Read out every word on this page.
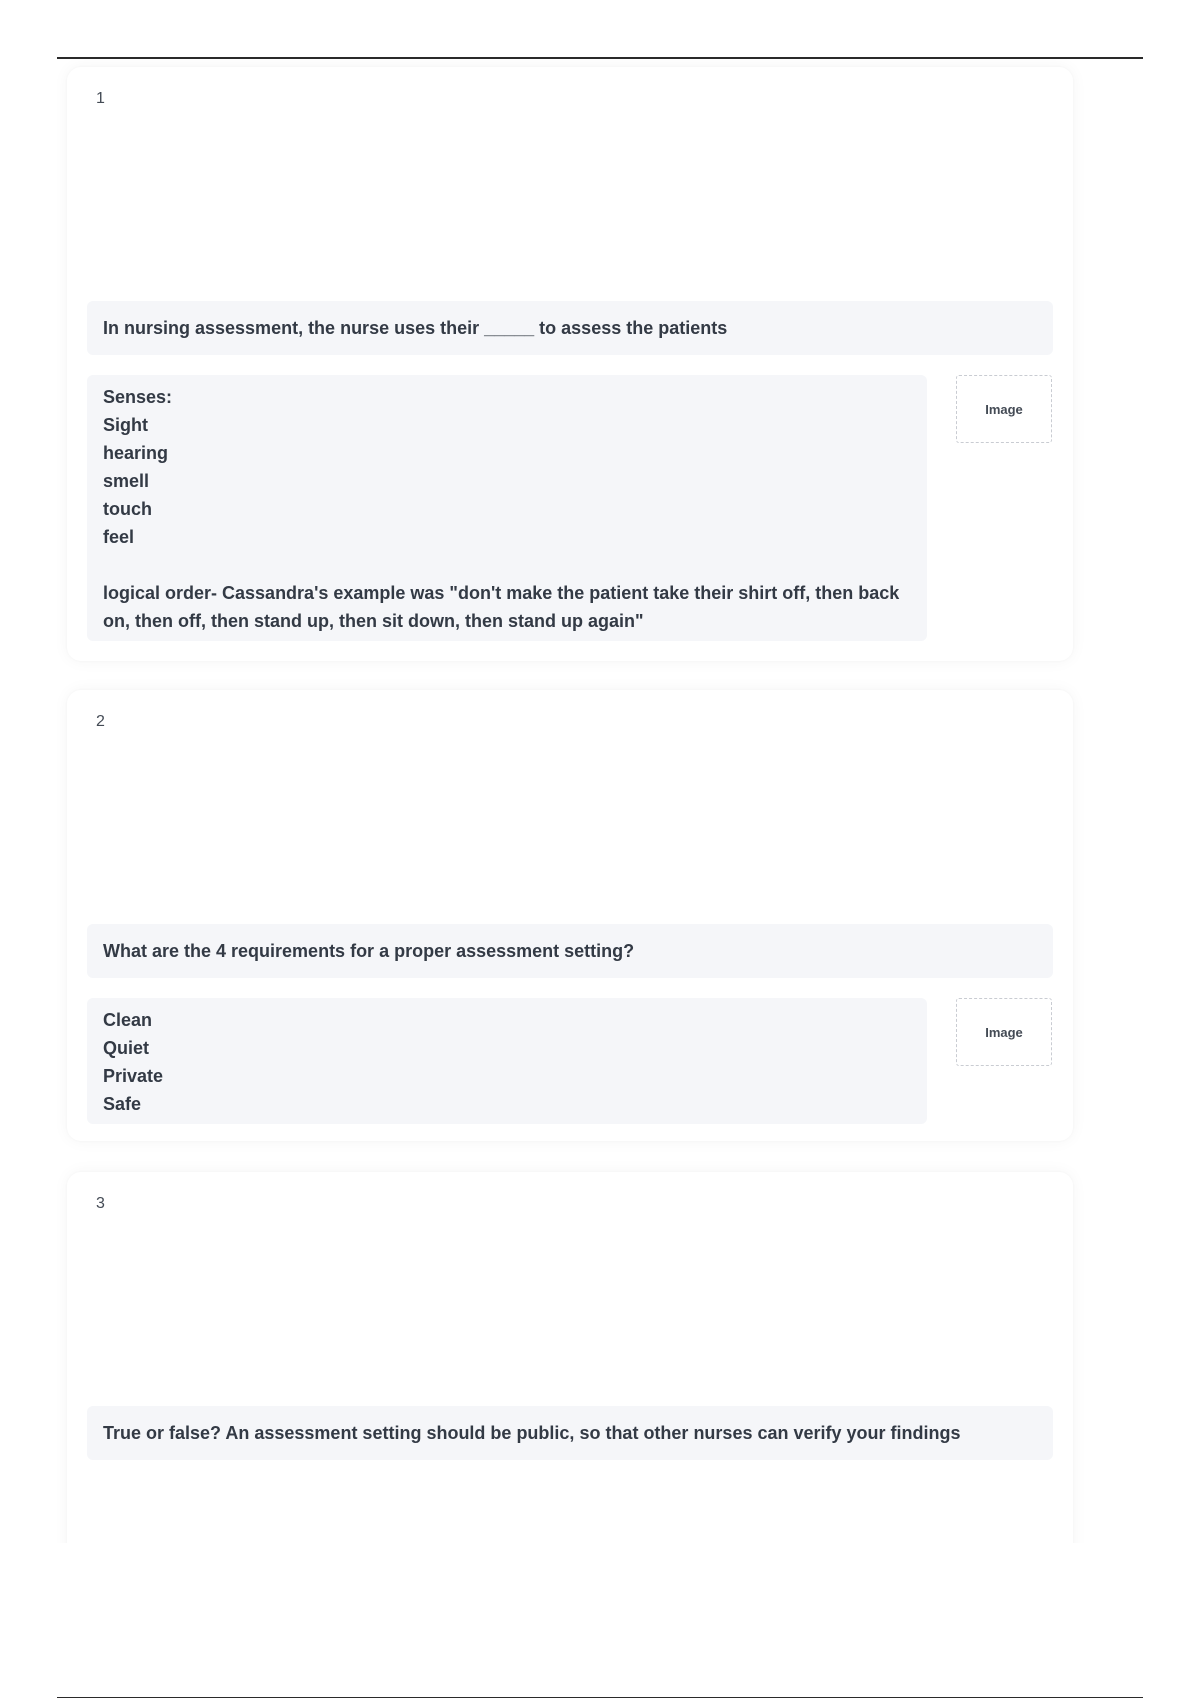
1
In nursing assessment, the nurse uses their _____ to assess the patients
Senses:
Sight
hearing
smell
touch
feel
logical order- Cassandra's example was "don't make the patient take their shirt off, then back on, then off, then stand up, then sit down, then stand up again"
Image
2
What are the 4 requirements for a proper assessment setting?
Clean
Quiet
Private
Safe
Image
3
True or false? An assessment setting should be public, so that other nurses can verify your findings
